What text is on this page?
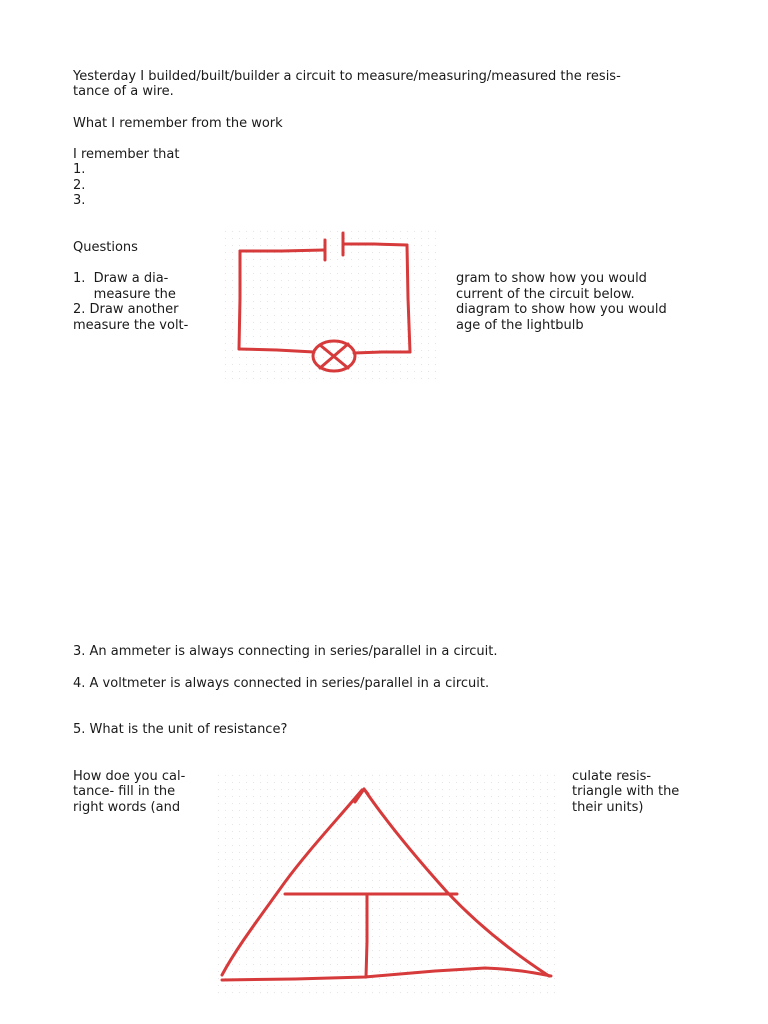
Yesterday I builded/built/builder a circuit to measure/measuring/measured the resis-

tance of a wire.

What I remember from the work

I remember that

1.

2.

3.

Questions

1.  Draw a dia-

measure the

2. Draw another

measure the volt-

gram to show how you would

current of the circuit below.

diagram to show how you would

age of the lightbulb

3. An ammeter is always connecting in series/parallel in a circuit.

4. A voltmeter is always connected in series/parallel in a circuit.

5. What is the unit of resistance?

How doe you cal-

tance- fill in the

right words (and

culate resis-

triangle with the

their units)
